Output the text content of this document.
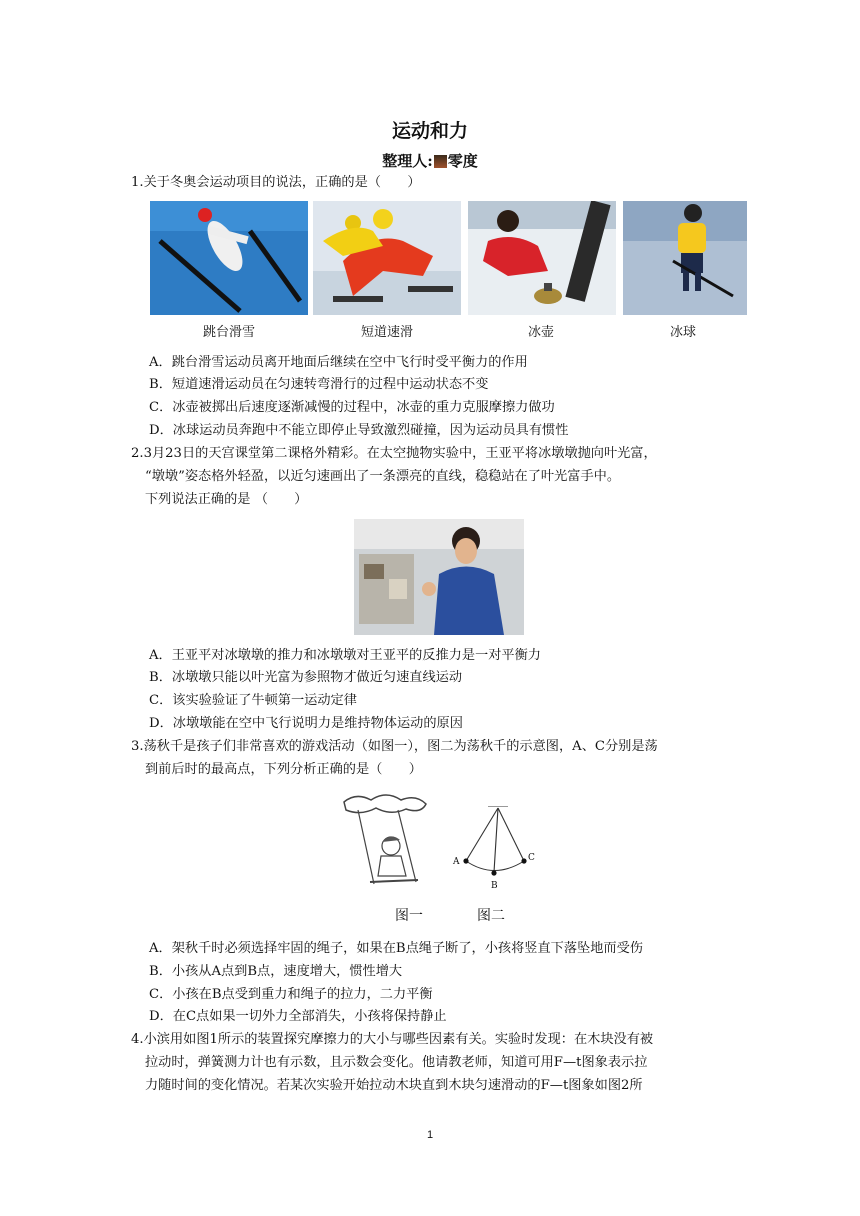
运动和力
整理人: 零度
1.关于冬奥会运动项目的说法，正确的是（　　）
跳台滑雪	短道速滑	冰壶	冰球
A．跳台滑雪运动员离开地面后继续在空中飞行时受平衡力的作用
B．短道速滑运动员在匀速转弯滑行的过程中运动状态不变
C．冰壶被掷出后速度逐渐减慢的过程中，冰壶的重力克服摩擦力做功
D．冰球运动员奔跑中不能立即停止导致激烈碰撞，因为运动员具有惯性
2.3月23日的天宫课堂第二课格外精彩。在太空抛物实验中，王亚平将冰墩墩抛向叶光富，
“墩墩”姿态格外轻盈，以近匀速画出了一条漂亮的直线，稳稳站在了叶光富手中。
下列说法正确的是 （　　）
A．王亚平对冰墩墩的推力和冰墩墩对王亚平的反推力是一对平衡力
B．冰墩墩只能以叶光富为参照物才做近匀速直线运动
C．该实验验证了牛顿第一运动定律
D．冰墩墩能在空中飞行说明力是维持物体运动的原因
3.荡秋千是孩子们非常喜欢的游戏活动（如图一），图二为荡秋千的示意图，A、C分别是荡
到前后时的最高点，下列分析正确的是（　　）
A
B
C
图一	图二
A．架秋千时必须选择牢固的绳子，如果在B点绳子断了，小孩将竖直下落坠地而受伤
B．小孩从A点到B点，速度增大，惯性增大
C．小孩在B点受到重力和绳子的拉力，二力平衡
D．在C点如果一切外力全部消失，小孩将保持静止
4.小滨用如图1所示的装置探究摩擦力的大小与哪些因素有关。实验时发现：在木块没有被
拉动时，弹簧测力计也有示数，且示数会变化。他请教老师，知道可用F—t图象表示拉
力随时间的变化情况。若某次实验开始拉动木块直到木块匀速滑动的F—t图象如图2所
1
